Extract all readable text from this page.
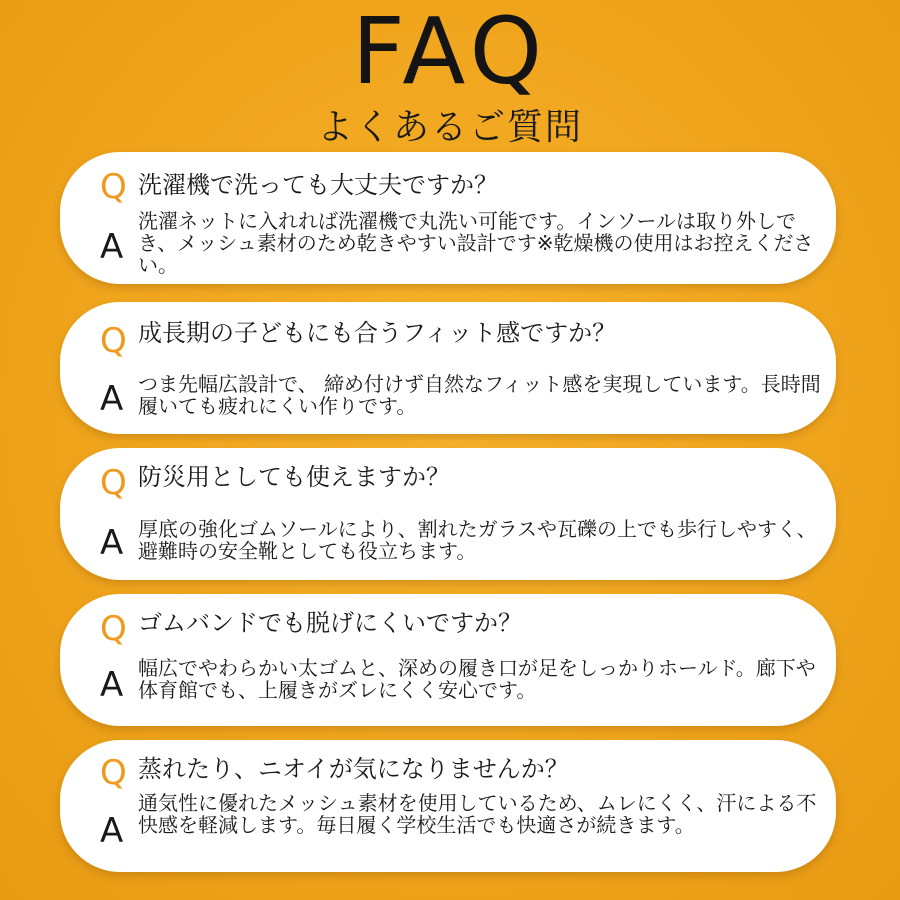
FAQ
よくあるご質問
Q 洗濯機で洗っても大丈夫ですか？
A
洗濯ネットに入れれば洗濯機で丸洗い可能です。インソールは取り外しでき、メッシュ素材のため乾きやすい設計です※乾燥機の使用はお控えください。
Q 成長期の子どもにも合うフィット感ですか？
A つま先幅広設計で、 締め付けず自然なフィット感を実現しています。長時間履いても疲れにくい作りです。
Q 防災用としても使えますか？
A 厚底の強化ゴムソールにより、割れたガラスや瓦礫の上でも歩行しやすく、避難時の安全靴としても役立ちます。
Q ゴムバンドでも脱げにくいですか？
A 幅広でやわらかい太ゴムと、深めの履き口が足をしっかりホールド。廊下や体育館でも、上履きがズレにくく安心です。
Q 蒸れたり、ニオイが気になりませんか？
A
通気性に優れたメッシュ素材を使用しているため、ムレにくく、汗による不快感を軽減します。毎日履く学校生活でも快適さが続きます。
